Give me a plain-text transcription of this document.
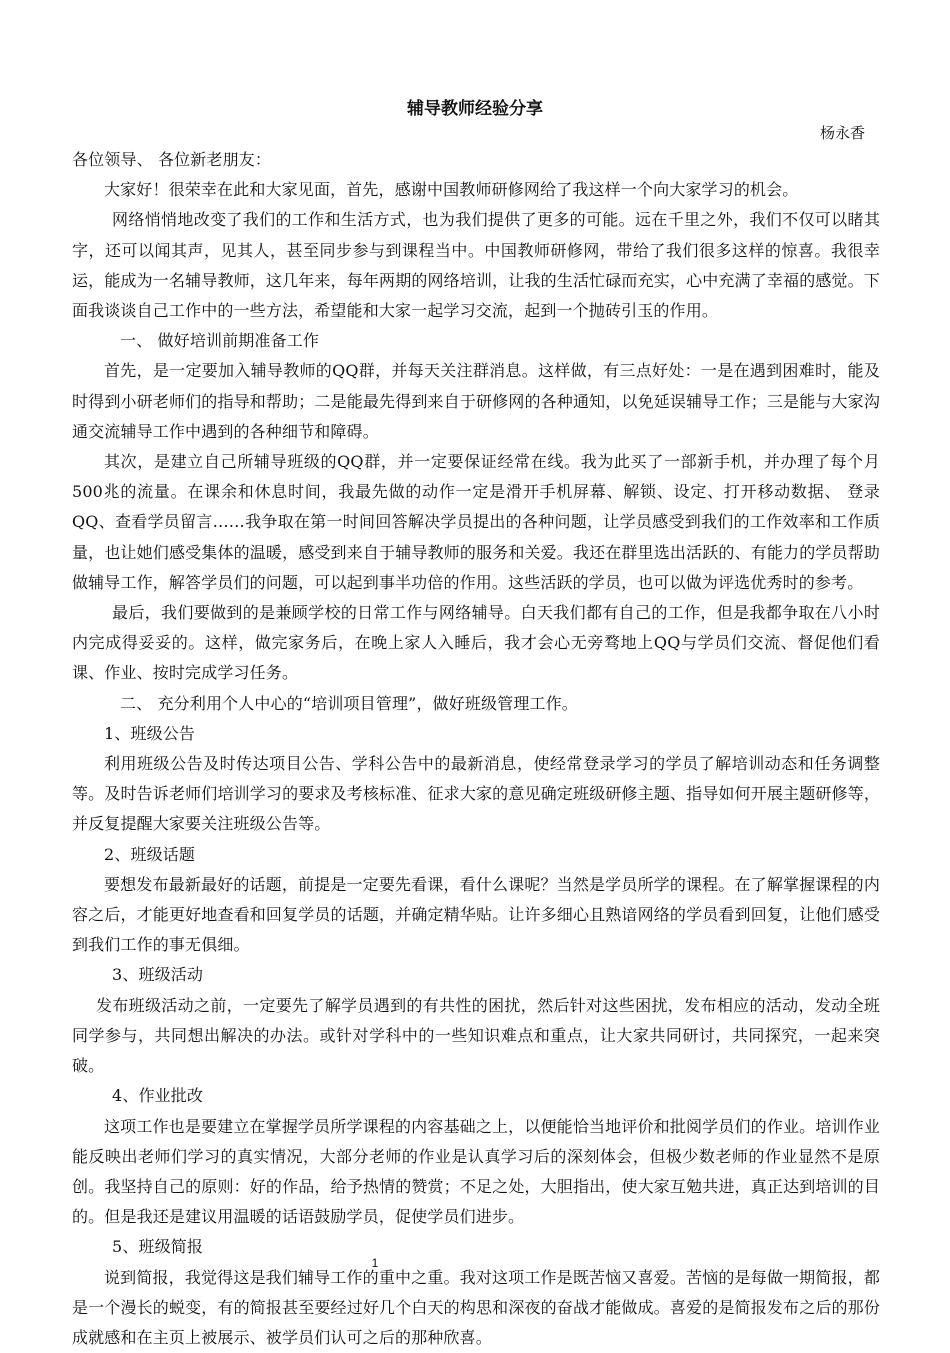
辅导教师经验分享
杨永香

各位领导、 各位新老朋友：

大家好！很荣幸在此和大家见面，首先，感谢中国教师研修网给了我这样一个向大家学习的机会。

网络悄悄地改变了我们的工作和生活方式，也为我们提供了更多的可能。远在千里之外，我们不仅可以睹其字，还可以闻其声，见其人，甚至同步参与到课程当中。中国教师研修网，带给了我们很多这样的惊喜。我很幸运，能成为一名辅导教师，这几年来，每年两期的网络培训，让我的生活忙碌而充实，心中充满了幸福的感觉。下面我谈谈自己工作中的一些方法，希望能和大家一起学习交流，起到一个抛砖引玉的作用。

一、 做好培训前期准备工作

首先，是一定要加入辅导教师的QQ群，并每天关注群消息。这样做，有三点好处：一是在遇到困难时，能及时得到小研老师们的指导和帮助；二是能最先得到来自于研修网的各种通知，以免延误辅导工作；三是能与大家沟通交流辅导工作中遇到的各种细节和障碍。

其次，是建立自己所辅导班级的QQ群，并一定要保证经常在线。我为此买了一部新手机，并办理了每个月500兆的流量。在课余和休息时间，我最先做的动作一定是滑开手机屏幕、解锁、设定、打开移动数据、 登录QQ、查看学员留言……我争取在第一时间回答解决学员提出的各种问题，让学员感受到我们的工作效率和工作质量，也让她们感受集体的温暖，感受到来自于辅导教师的服务和关爱。我还在群里选出活跃的、有能力的学员帮助做辅导工作，解答学员们的问题，可以起到事半功倍的作用。这些活跃的学员，也可以做为评选优秀时的参考。

最后，我们要做到的是兼顾学校的日常工作与网络辅导。白天我们都有自己的工作，但是我都争取在八小时内完成得妥妥的。这样，做完家务后，在晚上家人入睡后，我才会心无旁骛地上QQ与学员们交流、督促他们看课、作业、按时完成学习任务。

二、 充分利用个人中心的“培训项目管理”，做好班级管理工作。

1、班级公告

利用班级公告及时传达项目公告、学科公告中的最新消息，使经常登录学习的学员了解培训动态和任务调整等。及时告诉老师们培训学习的要求及考核标准、征求大家的意见确定班级研修主题、指导如何开展主题研修等，并反复提醒大家要关注班级公告等。

2、班级话题

要想发布最新最好的话题，前提是一定要先看课，看什么课呢？当然是学员所学的课程。在了解掌握课程的内容之后，才能更好地查看和回复学员的话题，并确定精华贴。让许多细心且熟谙网络的学员看到回复，让他们感受到我们工作的事无俱细。

3、班级活动

发布班级活动之前，一定要先了解学员遇到的有共性的困扰，然后针对这些困扰，发布相应的活动，发动全班同学参与，共同想出解决的办法。或针对学科中的一些知识难点和重点，让大家共同研讨，共同探究，一起来突破。

4、作业批改

这项工作也是要建立在掌握学员所学课程的内容基础之上，以便能恰当地评价和批阅学员们的作业。培训作业能反映出老师们学习的真实情况，大部分老师的作业是认真学习后的深刻体会，但极少数老师的作业显然不是原创。我坚持自己的原则：好的作品，给予热情的赞赏；不足之处，大胆指出，使大家互勉共进，真正达到培训的目的。但是我还是建议用温暖的话语鼓励学员，促使学员们进步。

5、班级简报

说到简报，我觉得这是我们辅导工作的重中之重。我对这项工作是既苦恼又喜爱。苦恼的是每做一期简报，都是一个漫长的蜕变，有的简报甚至要经过好几个白天的构思和深夜的奋战才能做成。喜爱的是简报发布之后的那份成就感和在主页上被展示、被学员们认可之后的那种欣喜。

1
